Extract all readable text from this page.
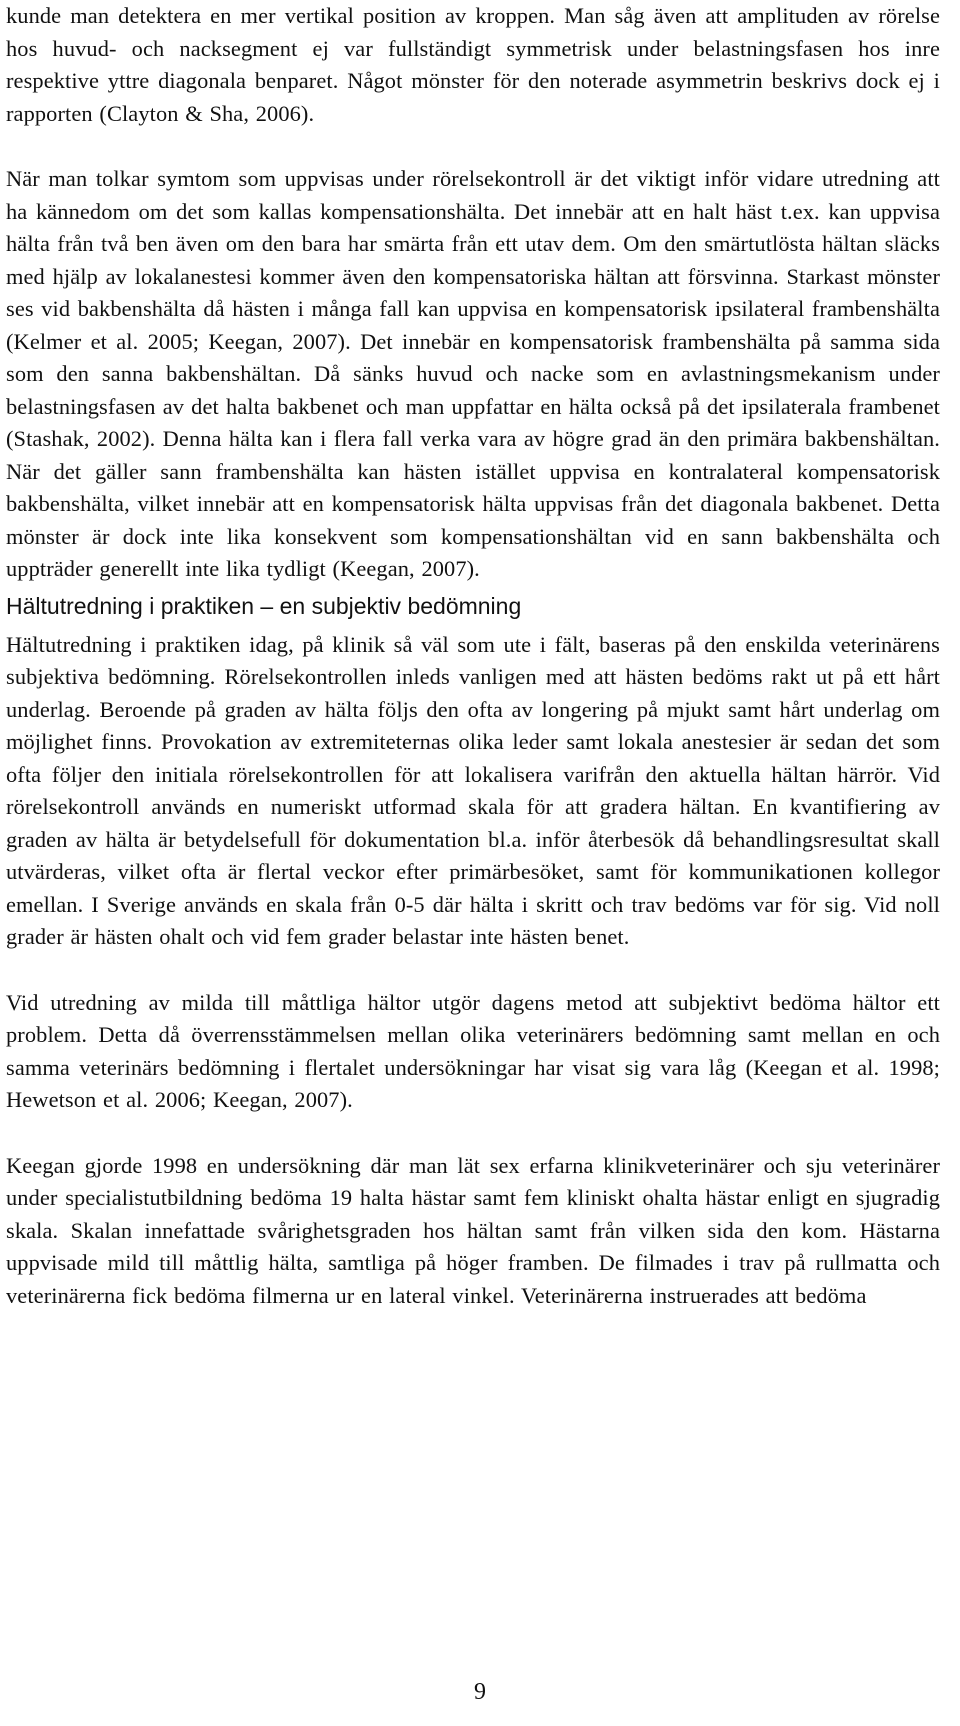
kunde man detektera en mer vertikal position av kroppen. Man såg även att amplituden av rörelse hos huvud- och nacksegment ej var fullständigt symmetrisk under belastningsfasen hos inre respektive yttre diagonala benparet. Något mönster för den noterade asymmetrin beskrivs dock ej i rapporten (Clayton & Sha, 2006).

När man tolkar symtom som uppvisas under rörelsekontroll är det viktigt inför vidare utredning att ha kännedom om det som kallas kompensationshälta. Det innebär att en halt häst t.ex. kan uppvisa hälta från två ben även om den bara har smärta från ett utav dem. Om den smärtutlösta hältan släcks med hjälp av lokalanestesi kommer även den kompensatoriska hältan att försvinna. Starkast mönster ses vid bakbenshälta då hästen i många fall kan uppvisa en kompensatorisk ipsilateral frambenshälta (Kelmer et al. 2005; Keegan, 2007). Det innebär en kompensatorisk frambenshälta på samma sida som den sanna bakbenshältan. Då sänks huvud och nacke som en avlastningsmekanism under belastningsfasen av det halta bakbenet och man uppfattar en hälta också på det ipsilaterala frambenet (Stashak, 2002). Denna hälta kan i flera fall verka vara av högre grad än den primära bakbenshältan. När det gäller sann frambenshälta kan hästen istället uppvisa en kontralateral kompensatorisk bakbenshälta, vilket innebär att en kompensatorisk hälta uppvisas från det diagonala bakbenet. Detta mönster är dock inte lika konsekvent som kompensationshältan vid en sann bakbenshälta och uppträder generellt inte lika tydligt (Keegan, 2007).

Hältutredning i praktiken – en subjektiv bedömning

Hältutredning i praktiken idag, på klinik så väl som ute i fält, baseras på den enskilda veterinärens subjektiva bedömning. Rörelsekontrollen inleds vanligen med att hästen bedöms rakt ut på ett hårt underlag. Beroende på graden av hälta följs den ofta av longering på mjukt samt hårt underlag om möjlighet finns. Provokation av extremiteternas olika leder samt lokala anestesier är sedan det som ofta följer den initiala rörelsekontrollen för att lokalisera varifrån den aktuella hältan härrör. Vid rörelsekontroll används en numeriskt utformad skala för att gradera hältan. En kvantifiering av graden av hälta är betydelsefull för dokumentation bl.a. inför återbesök då behandlingsresultat skall utvärderas, vilket ofta är flertal veckor efter primärbesöket, samt för kommunikationen kollegor emellan. I Sverige används en skala från 0-5 där hälta i skritt och trav bedöms var för sig. Vid noll grader är hästen ohalt och vid fem grader belastar inte hästen benet.

Vid utredning av milda till måttliga hältor utgör dagens metod att subjektivt bedöma hältor ett problem. Detta då överrensstämmelsen mellan olika veterinärers bedömning samt mellan en och samma veterinärs bedömning i flertalet undersökningar har visat sig vara låg (Keegan et al. 1998; Hewetson et al. 2006; Keegan, 2007).

Keegan gjorde 1998 en undersökning där man lät sex erfarna klinikveterinärer och sju veterinärer under specialistutbildning bedöma 19 halta hästar samt fem kliniskt ohalta hästar enligt en sjugradig skala. Skalan innefattade svårighetsgraden hos hältan samt från vilken sida den kom. Hästarna uppvisade mild till måttlig hälta, samtliga på höger framben. De filmades i trav på rullmatta och veterinärerna fick bedöma filmerna ur en lateral vinkel. Veterinärerna instruerades att bedöma

9
